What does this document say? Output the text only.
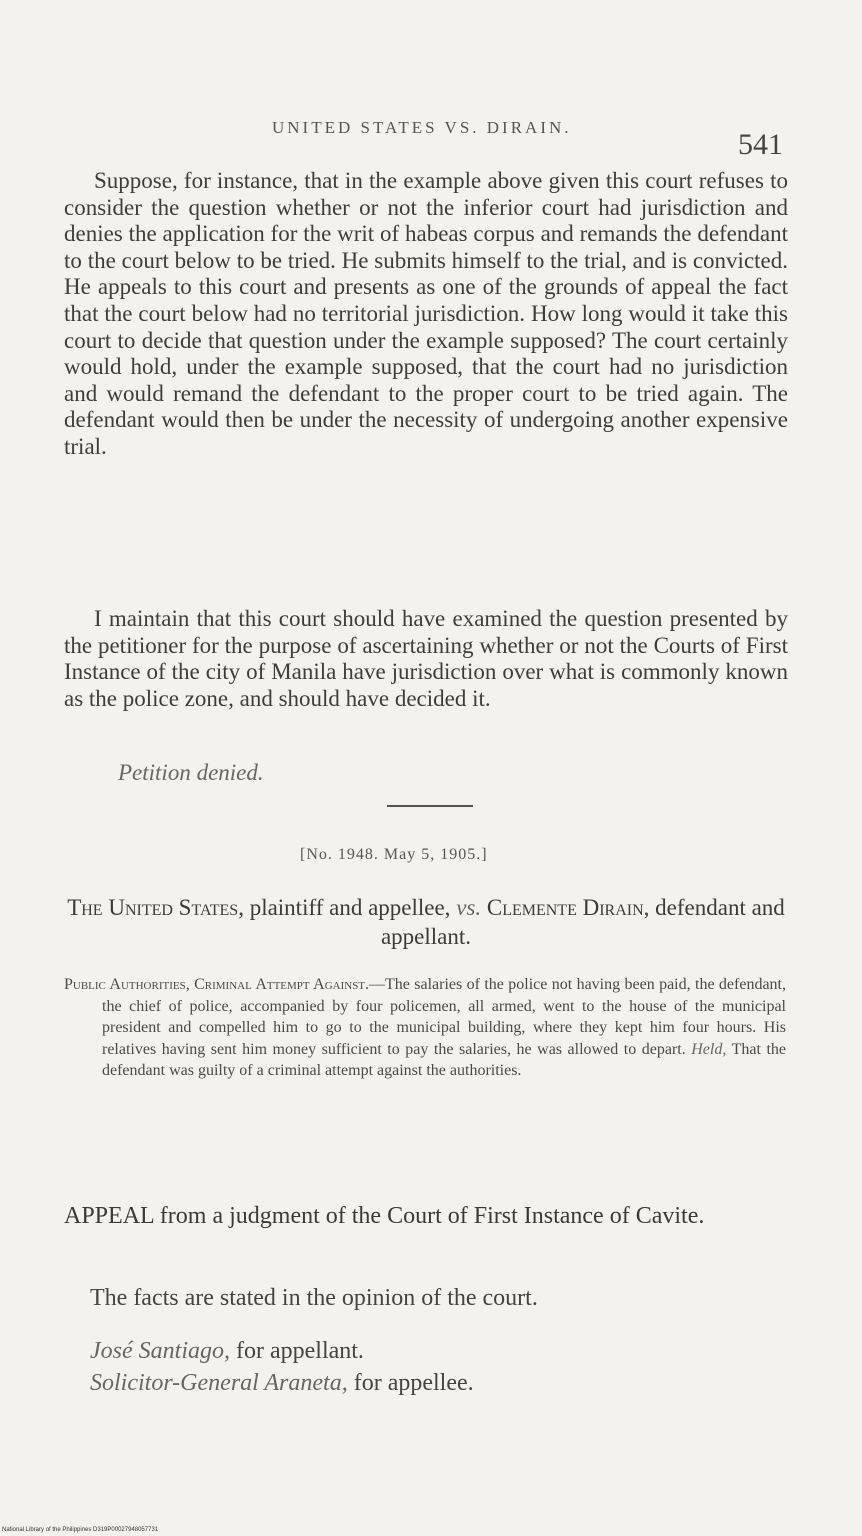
UNITED STATES VS. DIRAIN.
541

Suppose, for instance, that in the example above given this court refuses to consider the question whether or not the inferior court had jurisdiction and denies the application for the writ of habeas corpus and remands the defendant to the court below to be tried. He submits himself to the trial, and is convicted. He appeals to this court and presents as one of the grounds of appeal the fact that the court below had no territorial jurisdiction. How long would it take this court to decide that question under the example supposed? The court certainly would hold, under the example supposed, that the court had no jurisdiction and would remand the defendant to the proper court to be tried again. The defendant would then be under the necessity of undergoing another expensive trial.

I maintain that this court should have examined the question presented by the petitioner for the purpose of ascertaining whether or not the Courts of First Instance of the city of Manila have jurisdiction over what is commonly known as the police zone, and should have decided it.

Petition denied.
[No. 1948. May 5, 1905.]
The United States, plaintiff and appellee, vs. Clemente Dirain, defendant and appellant.
Public Authorities, Criminal Attempt Against.—The salaries of the police not having been paid, the defendant, the chief of police, accompanied by four policemen, all armed, went to the house of the municipal president and compelled him to go to the municipal building, where they kept him four hours. His relatives having sent him money sufficient to pay the salaries, he was allowed to depart. Held, That the defendant was guilty of a criminal attempt against the authorities.
APPEAL from a judgment of the Court of First Instance of Cavite.
The facts are stated in the opinion of the court.
José Santiago, for appellant.
Solicitor-General Araneta, for appellee.
National Library of the Philippines D319P00027948057731
